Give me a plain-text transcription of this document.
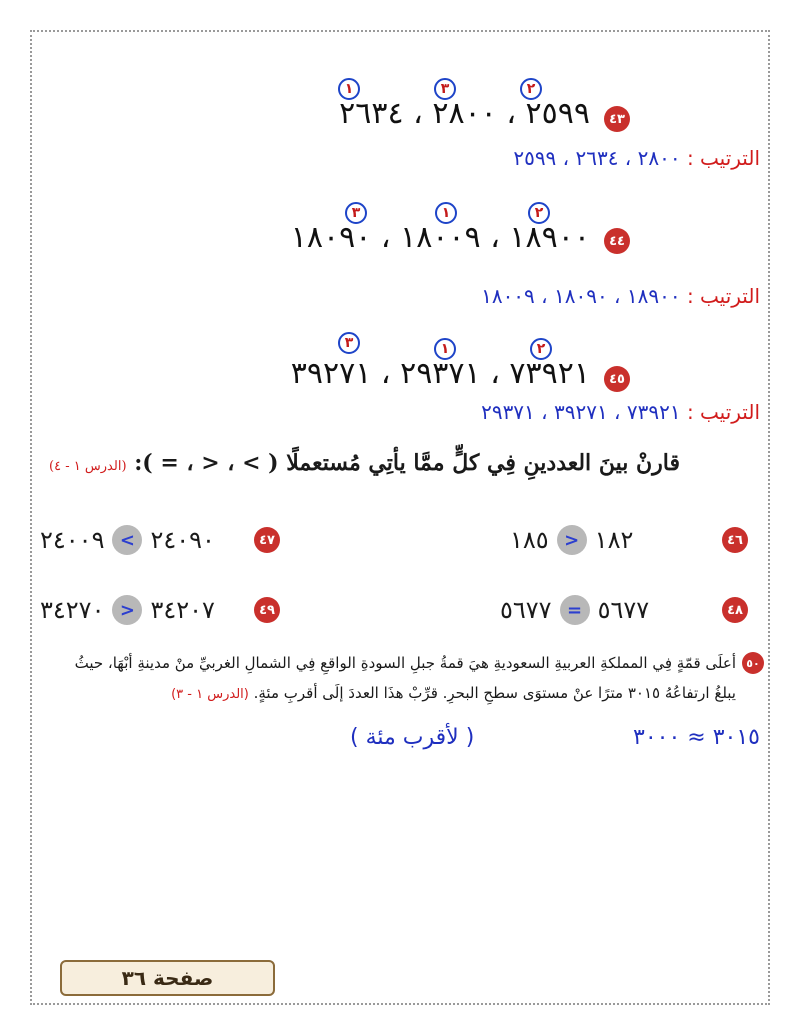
٤٣
١	٣	٢
٢٥٩٩ ، ٢٨٠٠ ، ٢٦٣٤
الترتيب : ٢٨٠٠ ، ٢٦٣٤ ، ٢٥٩٩
٤٤
٣	١	٢
١٨٩٠٠ ، ١٨٠٠٩ ، ١٨٠٩٠
الترتيب : ١٨٩٠٠ ، ١٨٠٩٠ ، ١٨٠٠٩
٤٥
٣	١	٢
٧٣٩٢١ ، ٢٩٣٧١ ، ٣٩٢٧١
الترتيب : ٧٣٩٢١ ، ٣٩٢٧١ ، ٢٩٣٧١
قارنْ بينَ العددينِ فِي كلٍّ ممَّا يأتِي مُستعملًا ( > ، < ، = ): (الدرس ١ - ٤)
٤٦
١٨٥ > ١٨٢
٤٧
٢٤٠٠٩ < ٢٤٠٩٠
٤٨
٥٦٧٧ = ٥٦٧٧
٤٩
٣٤٢٧٠ > ٣٤٢٠٧
٥٠
أعلَى قمّةٍ فِي المملكةِ العربيةِ السعوديةِ هيَ قمةُ جبلِ السودةِ الواقعِ فِي الشمالِ الغربيِّ منْ مدينةِ أبْهَا، حيثُ
يبلغُ ارتفاعُهُ ٣٠١٥ مترًا عنْ مستوَى سطحِ البحرِ. قرِّبْ هذَا العددَ إلَى أقربِ مئةٍ. (الدرس ١ - ٣)
٣٠١٥ ≈ ٣٠٠٠
( لأقرب مئة )
صفحة ٣٦
